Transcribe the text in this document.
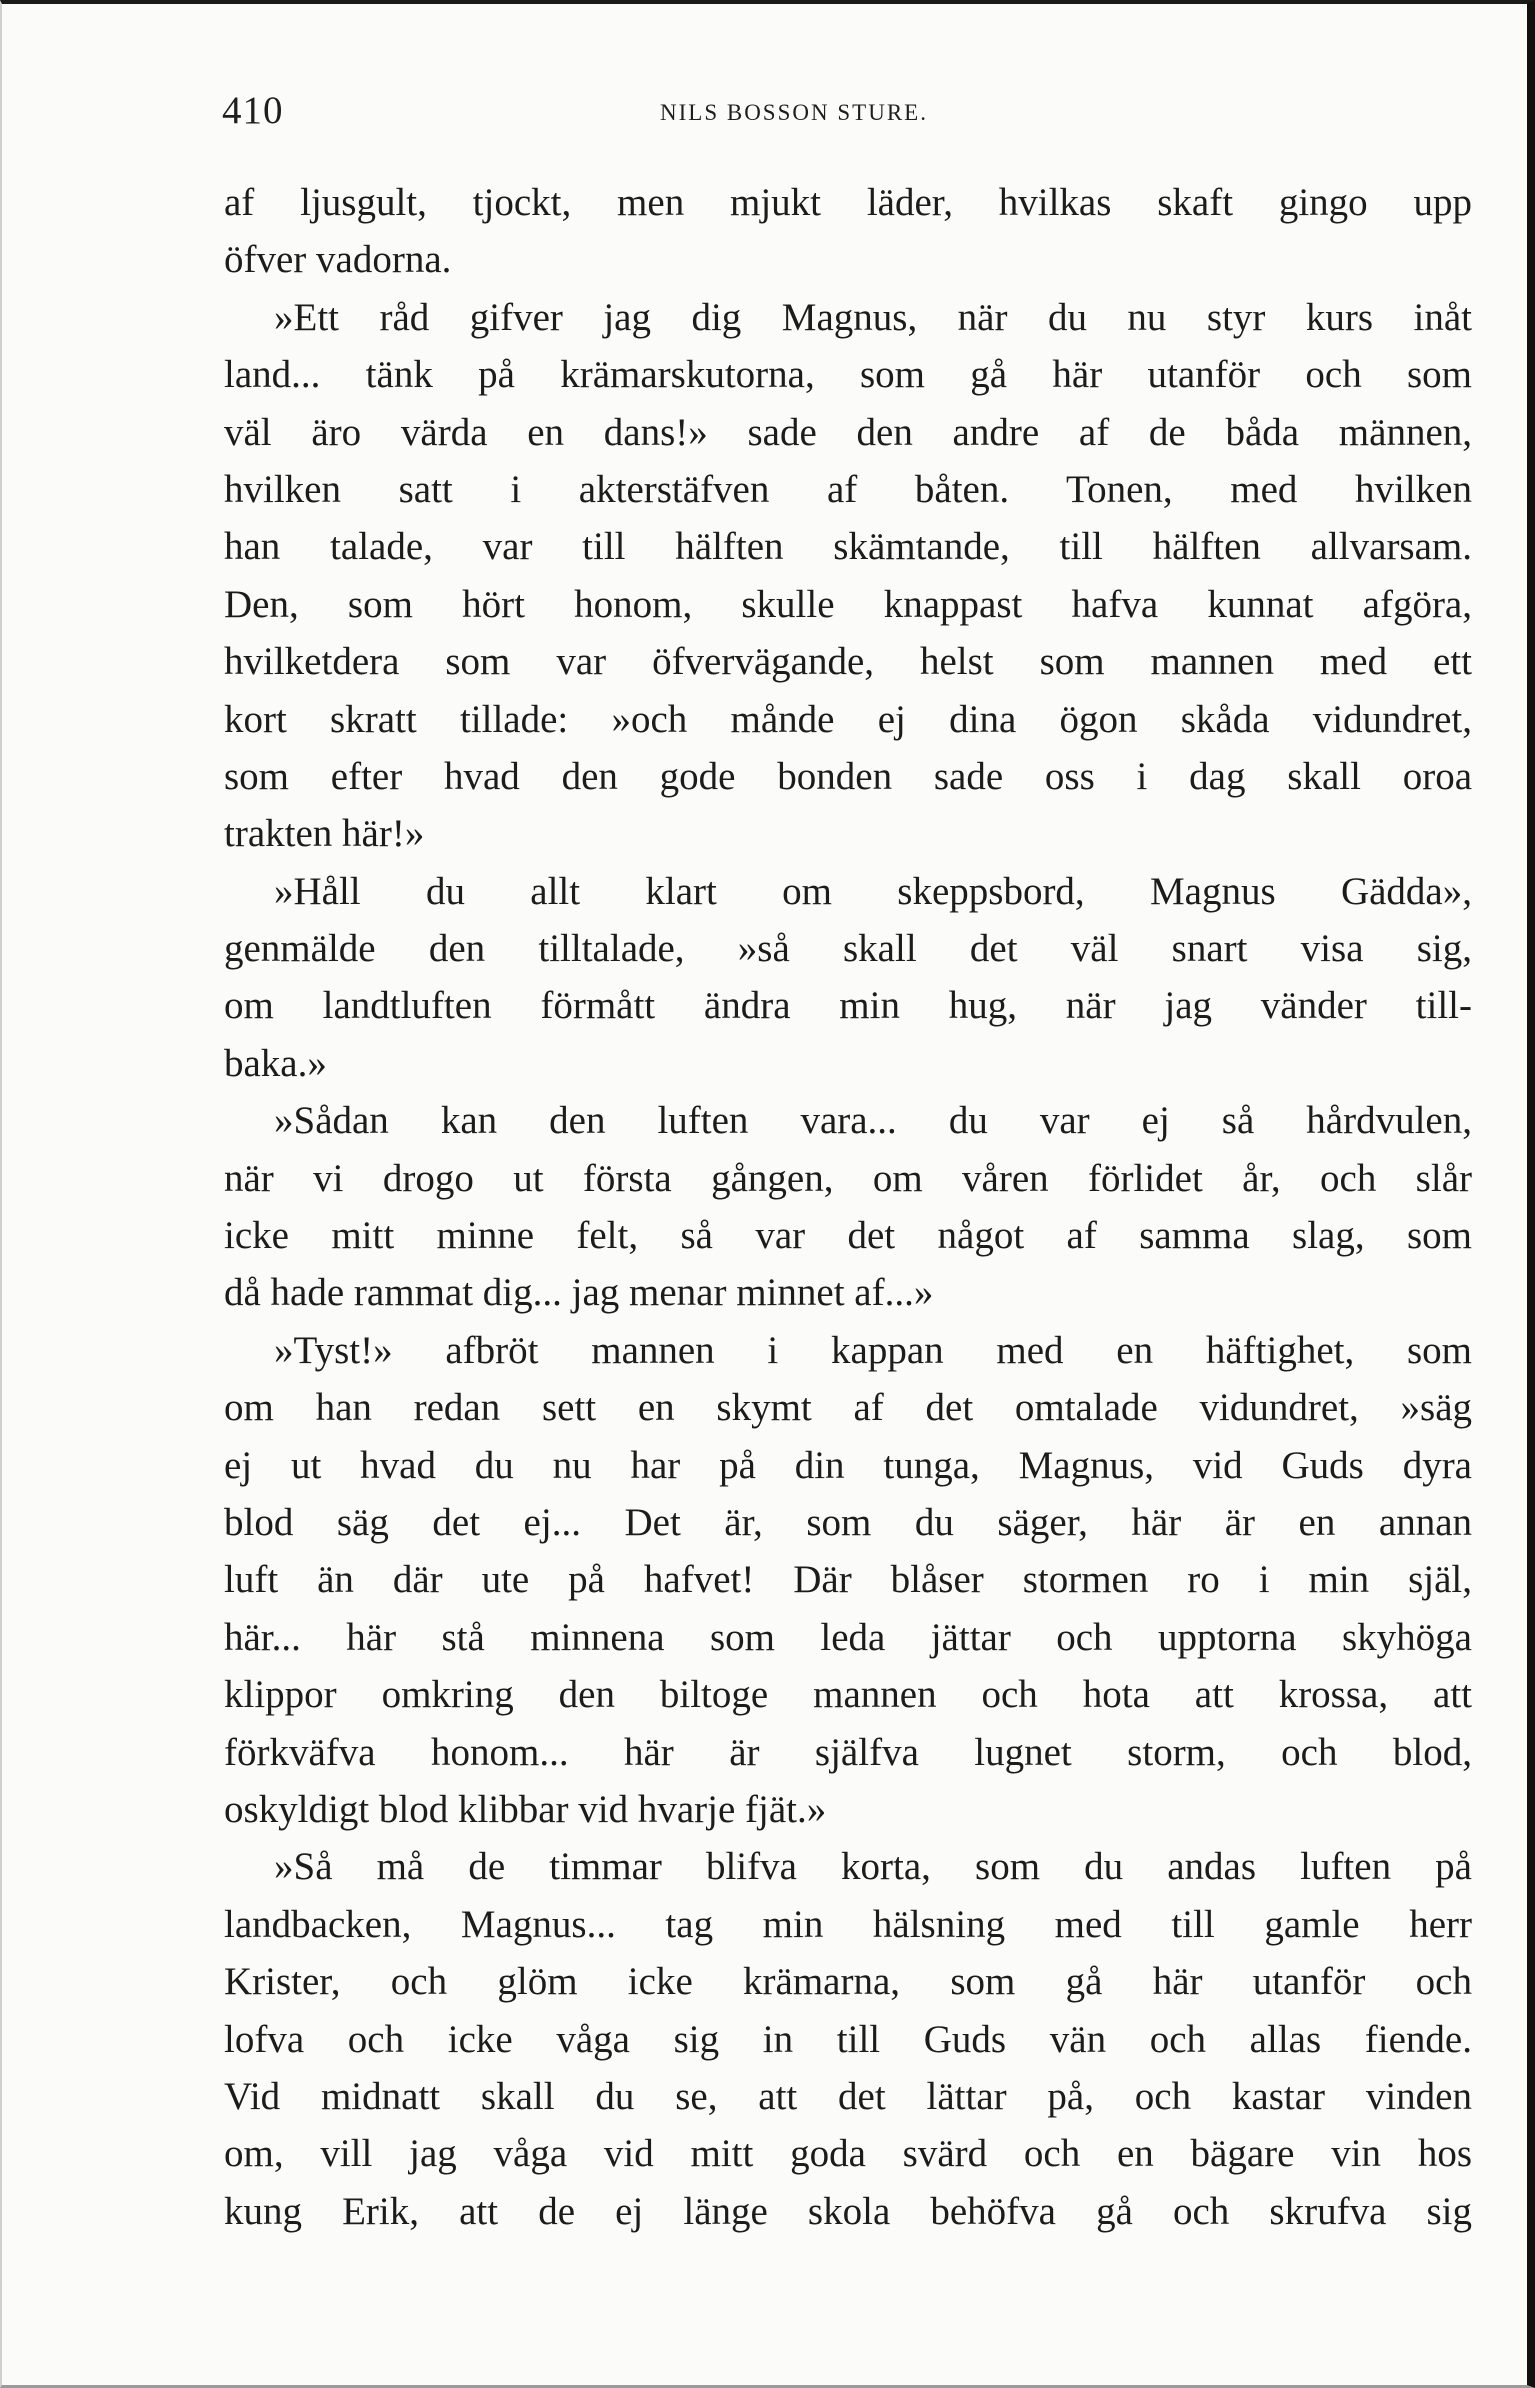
410	NILS BOSSON STURE.
af ljusgult, tjockt, men mjukt läder, hvilkas skaft gingo upp
öfver vadorna.
»Ett råd gifver jag dig Magnus, när du nu styr kurs inåt
land... tänk på krämarskutorna, som gå här utanför och som
väl äro värda en dans!» sade den andre af de båda männen,
hvilken satt i akterstäfven af båten. Tonen, med hvilken
han talade, var till hälften skämtande, till hälften allvarsam.
Den, som hört honom, skulle knappast hafva kunnat afgöra,
hvilketdera som var öfvervägande, helst som mannen med ett
kort skratt tillade: »och månde ej dina ögon skåda vidundret,
som efter hvad den gode bonden sade oss i dag skall oroa
trakten här!»
»Håll du allt klart om skeppsbord, Magnus Gädda»,
genmälde den tilltalade, »så skall det väl snart visa sig,
om landtluften förmått ändra min hug, när jag vänder till-
baka.»
»Sådan kan den luften vara... du var ej så hårdvulen,
när vi drogo ut första gången, om våren förlidet år, och slår
icke mitt minne felt, så var det något af samma slag, som
då hade rammat dig... jag menar minnet af...»
»Tyst!» afbröt mannen i kappan med en häftighet, som
om han redan sett en skymt af det omtalade vidundret, »säg
ej ut hvad du nu har på din tunga, Magnus, vid Guds dyra
blod säg det ej... Det är, som du säger, här är en annan
luft än där ute på hafvet! Där blåser stormen ro i min själ,
här... här stå minnena som leda jättar och upptorna skyhöga
klippor omkring den biltoge mannen och hota att krossa, att
förkväfva honom... här är själfva lugnet storm, och blod,
oskyldigt blod klibbar vid hvarje fjät.»
»Så må de timmar blifva korta, som du andas luften på
landbacken, Magnus... tag min hälsning med till gamle herr
Krister, och glöm icke krämarna, som gå här utanför och
lofva och icke våga sig in till Guds vän och allas fiende.
Vid midnatt skall du se, att det lättar på, och kastar vinden
om, vill jag våga vid mitt goda svärd och en bägare vin hos
kung Erik, att de ej länge skola behöfva gå och skrufva sig
